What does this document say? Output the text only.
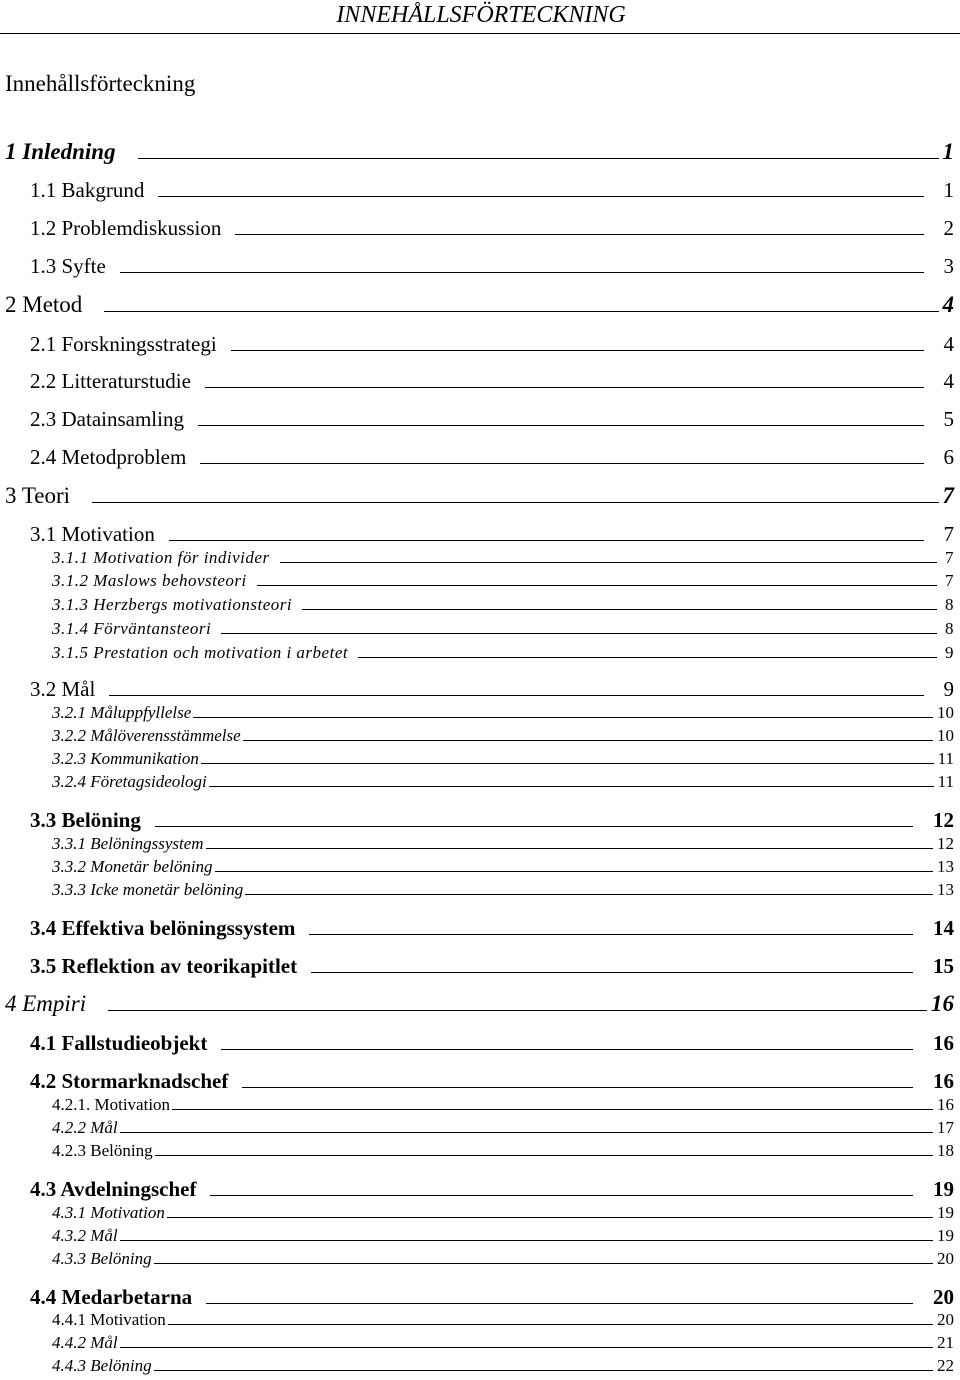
INNEHÅLLSFÖRTECKNING
Innehållsförteckning
1 Inledning	1
1.1 Bakgrund	1
1.2 Problemdiskussion	2
1.3 Syfte	3
2 Metod	4
2.1 Forskningsstrategi	4
2.2 Litteraturstudie	4
2.3 Datainsamling	5
2.4 Metodproblem	6
3 Teori	7
3.1 Motivation	7
3.1.1 Motivation för individer	7
3.1.2 Maslows behovsteori	7
3.1.3 Herzbergs motivationsteori	8
3.1.4 Förväntansteori	8
3.1.5 Prestation och motivation i arbetet	9
3.2 Mål	9
3.2.1 Måluppfyllelse	10
3.2.2 Målöverensstämmelse	10
3.2.3 Kommunikation	11
3.2.4 Företagsideologi	11
3.3 Belöning	12
3.3.1 Belöningssystem	12
3.3.2 Monetär belöning	13
3.3.3 Icke monetär belöning	13
3.4 Effektiva belöningssystem	14
3.5 Reflektion av teorikapitlet	15
4 Empiri	16
4.1 Fallstudieobjekt	16
4.2 Stormarknadschef	16
4.2.1. Motivation	16
4.2.2 Mål	17
4.2.3 Belöning	18
4.3 Avdelningschef	19
4.3.1 Motivation	19
4.3.2 Mål	19
4.3.3 Belöning	20
4.4 Medarbetarna	20
4.4.1 Motivation	20
4.4.2 Mål	21
4.4.3 Belöning	22
